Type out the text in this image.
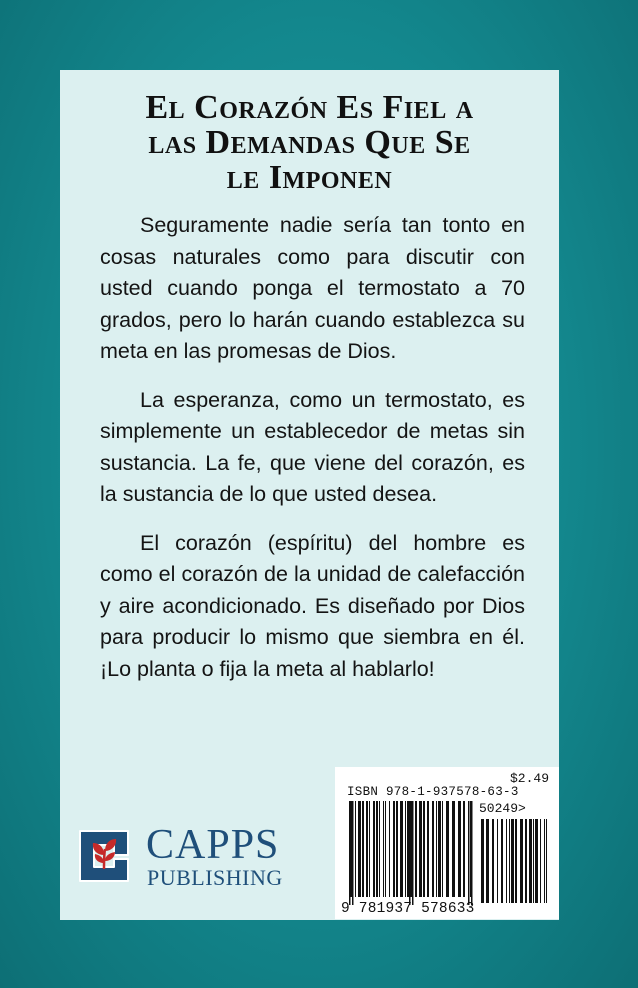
El Corazón Es Fiel a
las Demandas Que Se
le Imponen

Seguramente nadie sería tan tonto en cosas naturales como para discutir con usted cuando ponga el termostato a 70 grados, pero lo harán cuando establezca su meta en las promesas de Dios.

La esperanza, como un termostato, es simplemente un establecedor de metas sin sustancia. La fe, que viene del corazón, es la sustancia de lo que usted desea.

El corazón (espíritu) del hombre es como el corazón de la unidad de calefacción y aire acondicionado. Es diseñado por Dios para producir lo mismo que siembra en él. ¡Lo planta o fija la meta al hablarlo!

CAPPS
PUBLISHING
$2.49
ISBN 978-1-937578-63-3
50249>
9 781937 578633
